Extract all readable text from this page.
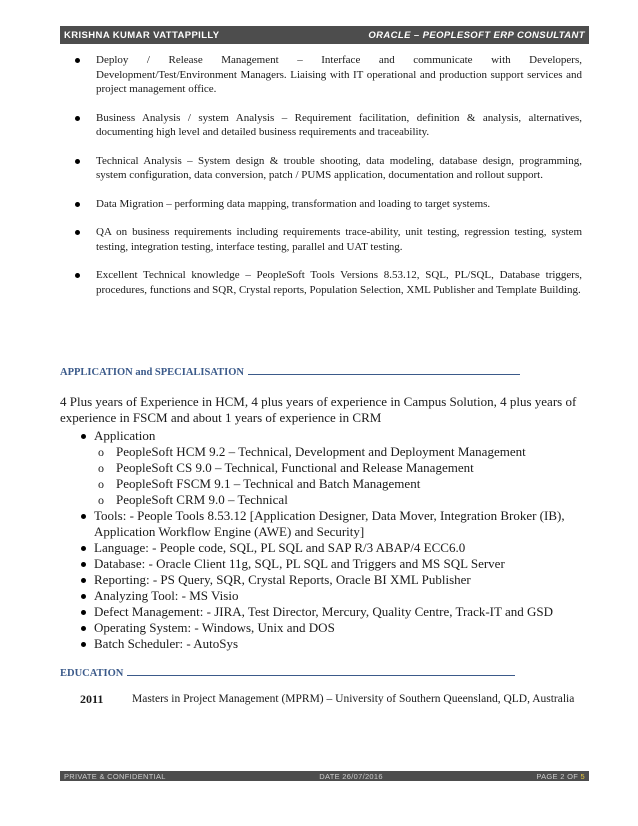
KRISHNA KUMAR VATTAPPILLY	ORACLE – PEOPLESOFT ERP CONSULTANT
Deploy / Release Management – Interface and communicate with Developers, Development/Test/Environment Managers. Liaising with IT operational and production support services and project management office.
Business Analysis / system Analysis – Requirement facilitation, definition & analysis, alternatives, documenting high level and detailed business requirements and traceability.
Technical Analysis – System design & trouble shooting, data modeling, database design, programming, system configuration, data conversion, patch / PUMS application, documentation and rollout support.
Data Migration – performing data mapping, transformation and loading to target systems.
QA on business requirements including requirements trace-ability, unit testing, regression testing, system testing, integration testing, interface testing, parallel and UAT testing.
Excellent Technical knowledge – PeopleSoft Tools Versions 8.53.12, SQL, PL/SQL, Database triggers, procedures, functions and SQR, Crystal reports, Population Selection, XML Publisher and Template Building.
APPLICATION and SPECIALISATION
4 Plus years of Experience in HCM, 4 plus years of experience in Campus Solution, 4 plus years of experience in FSCM and about 1 years of experience in CRM
Application
o PeopleSoft HCM 9.2 – Technical, Development and Deployment Management
o PeopleSoft CS 9.0 – Technical, Functional and Release Management
o PeopleSoft FSCM 9.1 – Technical and Batch Management
o PeopleSoft CRM 9.0 – Technical
Tools: - People Tools 8.53.12 [Application Designer, Data Mover, Integration Broker (IB), Application Workflow Engine (AWE) and Security]
Language: - People code, SQL, PL SQL and SAP R/3 ABAP/4 ECC6.0
Database: - Oracle Client 11g, SQL, PL SQL and Triggers and MS SQL Server
Reporting: - PS Query, SQR, Crystal Reports, Oracle BI XML Publisher
Analyzing Tool: - MS Visio
Defect Management: - JIRA, Test Director, Mercury, Quality Centre, Track-IT and GSD
Operating System: - Windows, Unix and DOS
Batch Scheduler: - AutoSys
EDUCATION
2011	Masters in Project Management (MPRM) – University of Southern Queensland, QLD, Australia
PRIVATE & CONFIDENTIAL	DATE 26/07/2016	PAGE 2 OF 5
